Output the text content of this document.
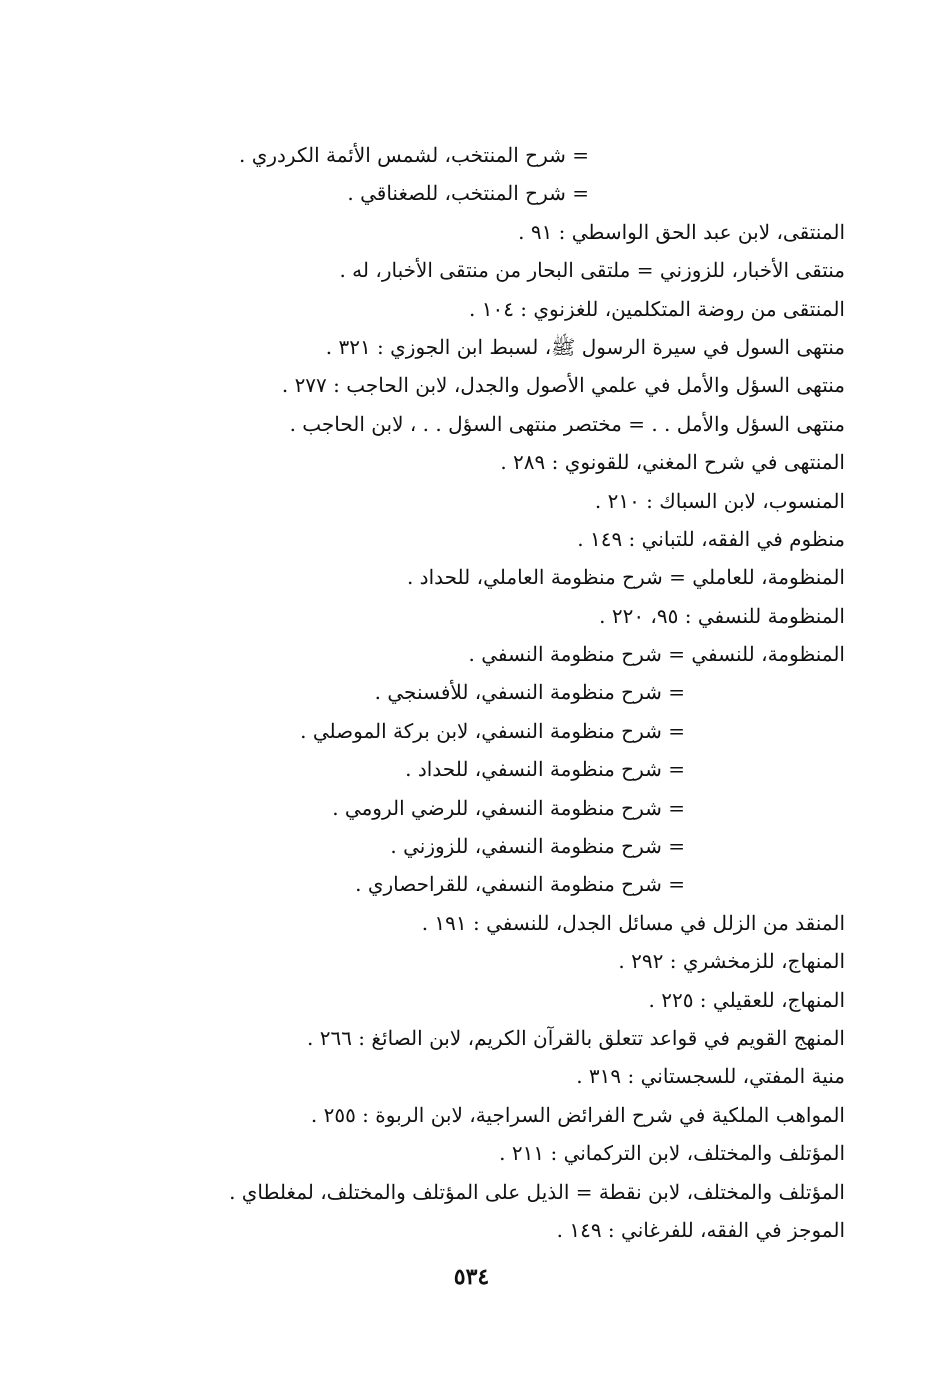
= شرح المنتخب، لشمس الأئمة الكردري .
= شرح المنتخب، للصغناقي .
المنتقى، لابن عبد الحق الواسطي : ٩١ .
منتقى الأخبار، للزوزني = ملتقى البحار من منتقى الأخبار، له .
المنتقى من روضة المتكلمين، للغزنوي : ١٠٤ .
منتهى السول في سيرة الرسول ﷺ، لسبط ابن الجوزي : ٣٢١ .
منتهى السؤل والأمل في علمي الأصول والجدل، لابن الحاجب : ٢٧٧ .
منتهى السؤل والأمل . . = مختصر منتهى السؤل . . ، لابن الحاجب .
المنتهى في شرح المغني، للقونوي : ٢٨٩ .
المنسوب، لابن السباك : ٢١٠ .
منظوم في الفقه، للتباني : ١٤٩ .
المنظومة، للعاملي = شرح منظومة العاملي، للحداد .
المنظومة للنسفي : ٩٥، ٢٢٠ .
المنظومة، للنسفي = شرح منظومة النسفي .
= شرح منظومة النسفي، للأفسنجي .
= شرح منظومة النسفي، لابن بركة الموصلي .
= شرح منظومة النسفي، للحداد .
= شرح منظومة النسفي، للرضي الرومي .
= شرح منظومة النسفي، للزوزني .
= شرح منظومة النسفي، للقراحصاري .
المنقد من الزلل في مسائل الجدل، للنسفي : ١٩١ .
المنهاج، للزمخشري : ٢٩٢ .
المنهاج، للعقيلي : ٢٢٥ .
المنهج القويم في قواعد تتعلق بالقرآن الكريم، لابن الصائغ : ٢٦٦ .
منية المفتي، للسجستاني : ٣١٩ .
المواهب الملكية في شرح الفرائض السراجية، لابن الربوة : ٢٥٥ .
المؤتلف والمختلف، لابن التركماني : ٢١١ .
المؤتلف والمختلف، لابن نقطة = الذيل على المؤتلف والمختلف، لمغلطاي .
الموجز في الفقه، للفرغاني : ١٤٩ .
٥٣٤
